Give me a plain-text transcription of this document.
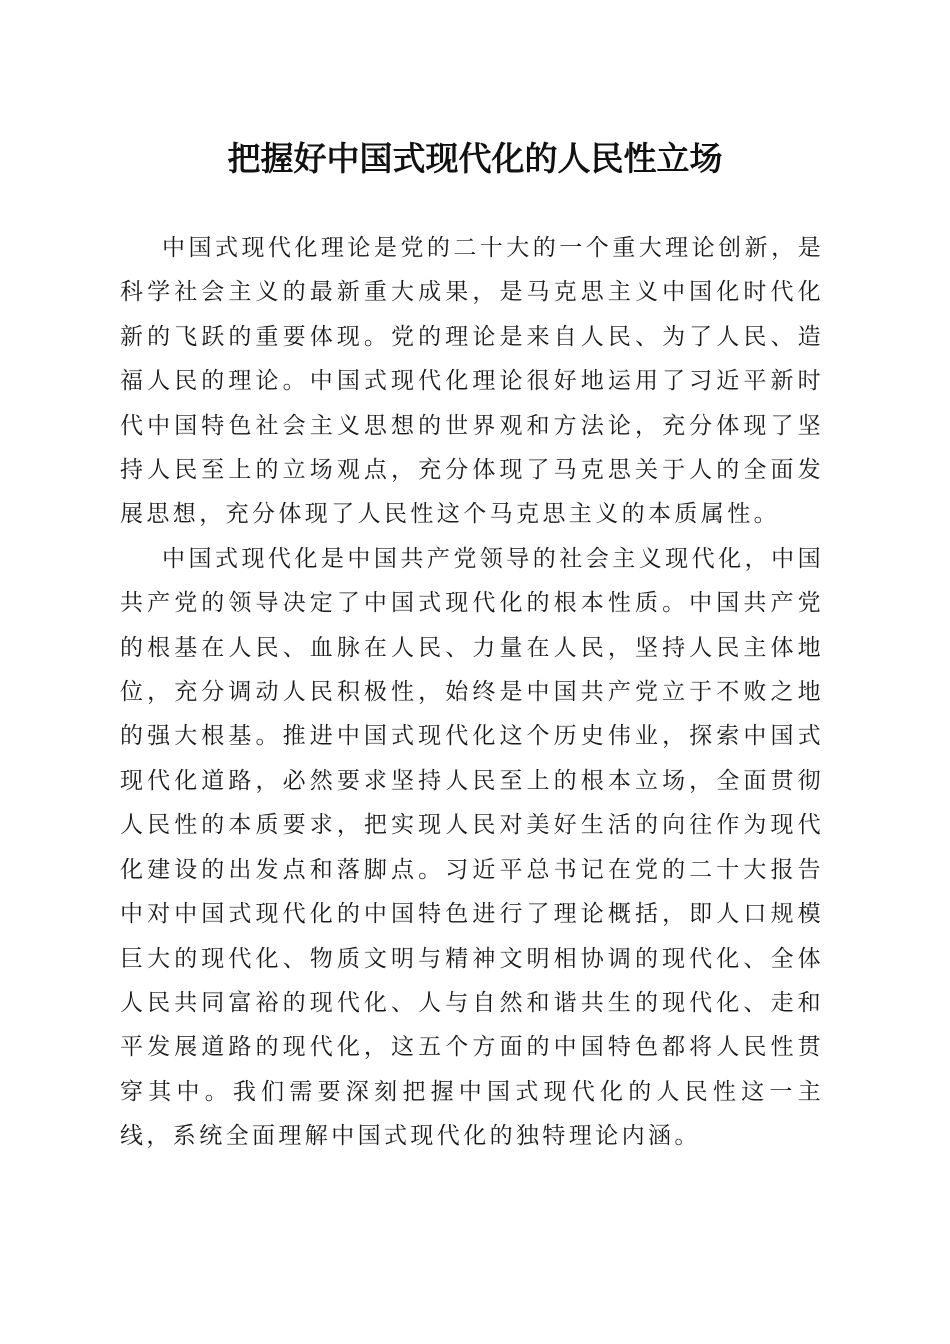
把握好中国式现代化的人民性立场

中国式现代化理论是党的二十大的一个重大理论创新，是科学社会主义的最新重大成果，是马克思主义中国化时代化新的飞跃的重要体现。党的理论是来自人民、为了人民、造福人民的理论。中国式现代化理论很好地运用了习近平新时代中国特色社会主义思想的世界观和方法论，充分体现了坚持人民至上的立场观点，充分体现了马克思关于人的全面发展思想，充分体现了人民性这个马克思主义的本质属性。

中国式现代化是中国共产党领导的社会主义现代化，中国共产党的领导决定了中国式现代化的根本性质。中国共产党的根基在人民、血脉在人民、力量在人民，坚持人民主体地位，充分调动人民积极性，始终是中国共产党立于不败之地的强大根基。推进中国式现代化这个历史伟业，探索中国式现代化道路，必然要求坚持人民至上的根本立场，全面贯彻人民性的本质要求，把实现人民对美好生活的向往作为现代化建设的出发点和落脚点。习近平总书记在党的二十大报告中对中国式现代化的中国特色进行了理论概括，即人口规模巨大的现代化、物质文明与精神文明相协调的现代化、全体人民共同富裕的现代化、人与自然和谐共生的现代化、走和平发展道路的现代化，这五个方面的中国特色都将人民性贯穿其中。我们需要深刻把握中国式现代化的人民性这一主线，系统全面理解中国式现代化的独特理论内涵。
